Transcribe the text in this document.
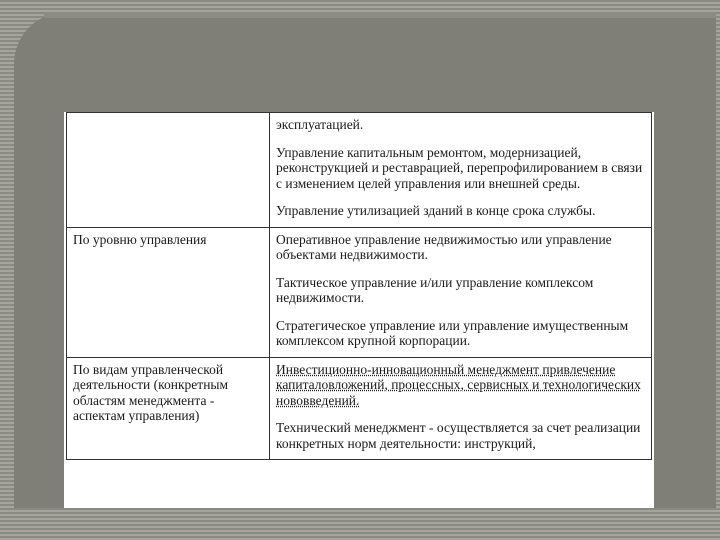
	эксплуатацией.

Управление капитальным ремонтом, модернизацией, реконструкцией и реставрацией, перепрофилированием в связи с изменением целей управления или внешней среды.

Управление утилизацией зданий в конце срока службы.

По уровню управления	Оперативное управление недвижимостью или управление объектами недвижимости.

Тактическое управление и/или управление комплексом недвижимости.

Стратегическое управление или управление имущественным комплексом крупной корпорации.

По видам управленческой деятельности (конкретным областям менеджмента - аспектам управления)	Инвестиционно-инновационный менеджмент привлечение капиталовложений, процессных, сервисных и технологических нововведений.

Технический менеджмент - осуществляется за счет реализации конкретных норм деятельности: инструкций,
